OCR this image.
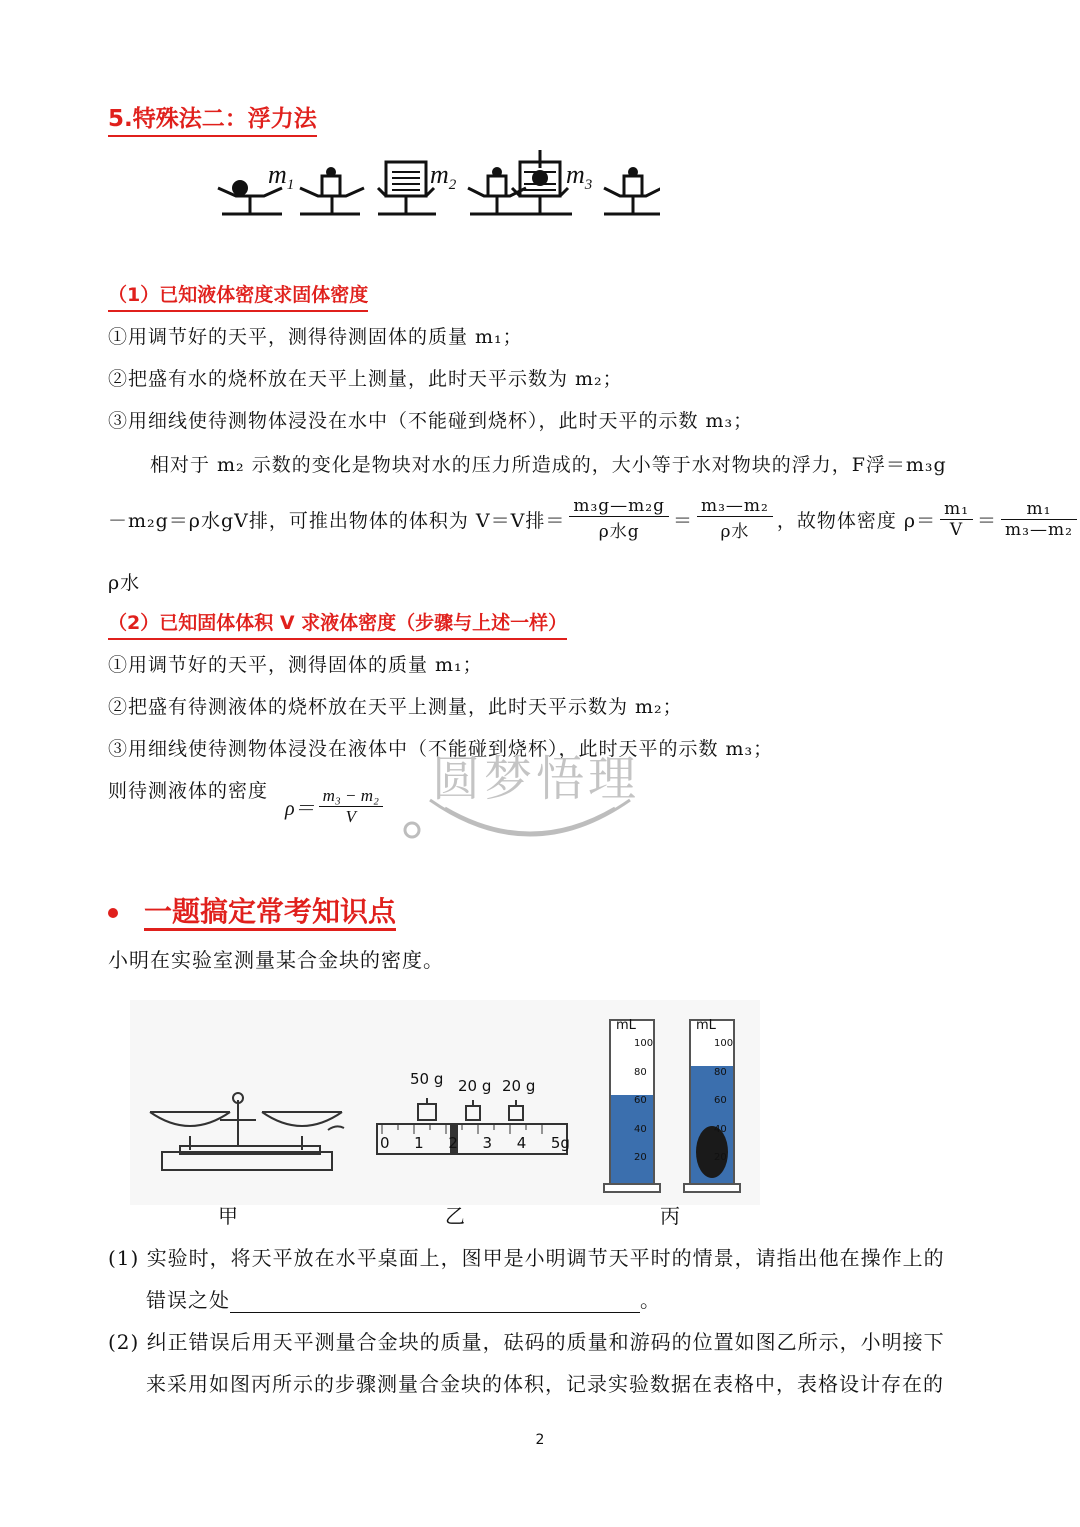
5.特殊法二：浮力法
$m_1$	$m_2$	$m_3$
（1）已知液体密度求固体密度
①用调节好的天平，测得待测固体的质量 m₁；
②把盛有水的烧杯放在天平上测量，此时天平示数为 m₂；
③用细线使待测物体浸没在水中（不能碰到烧杯），此时天平的示数 m₃；
相对于 m₂ 示数的变化是物块对水的压力所造成的，大小等于水对物块的浮力，F浮＝m₃g
－m₂g＝ρ水gV排，可推出物体的体积为 V＝V排＝ $\frac{\text{m₃g—m₂g}}{\text{ρ水g}} = \frac{\text{m₃—m₂}}{\text{ρ水}}$ ，故物体密度 $\rho= \frac{\text{m₁}}{V} = \frac{\text{m₁}}{\text{m₃—m₂}}$
ρ水
（2）已知固体体积 V 求液体密度（步骤与上述一样）
①用调节好的天平，测得固体的质量 m₁；
②把盛有待测液体的烧杯放在天平上测量，此时天平示数为 m₂；
③用细线使待测物体浸没在液体中（不能碰到烧杯），此时天平的示数 m₃；
则待测液体的密度
$\rho= \frac{\text{m₃ − m₂}}{V}$ 圆梦悟理
一题搞定常考知识点
小明在实验室测量某合金块的密度。
50 g 20 g 20 g
0 1 2 3 4 5g
mL	mL
100
80
60
40
20
100
80
60
40
20
甲	乙	丙
(1) 实验时，将天平放在水平桌面上，图甲是小明调节天平时的情景，请指出他在操作上的
错误之处	。
(2) 纠正错误后用天平测量合金块的质量，砝码的质量和游码的位置如图乙所示，小明接下
来采用如图丙所示的步骤测量合金块的体积，记录实验数据在表格中，表格设计存在的
2
